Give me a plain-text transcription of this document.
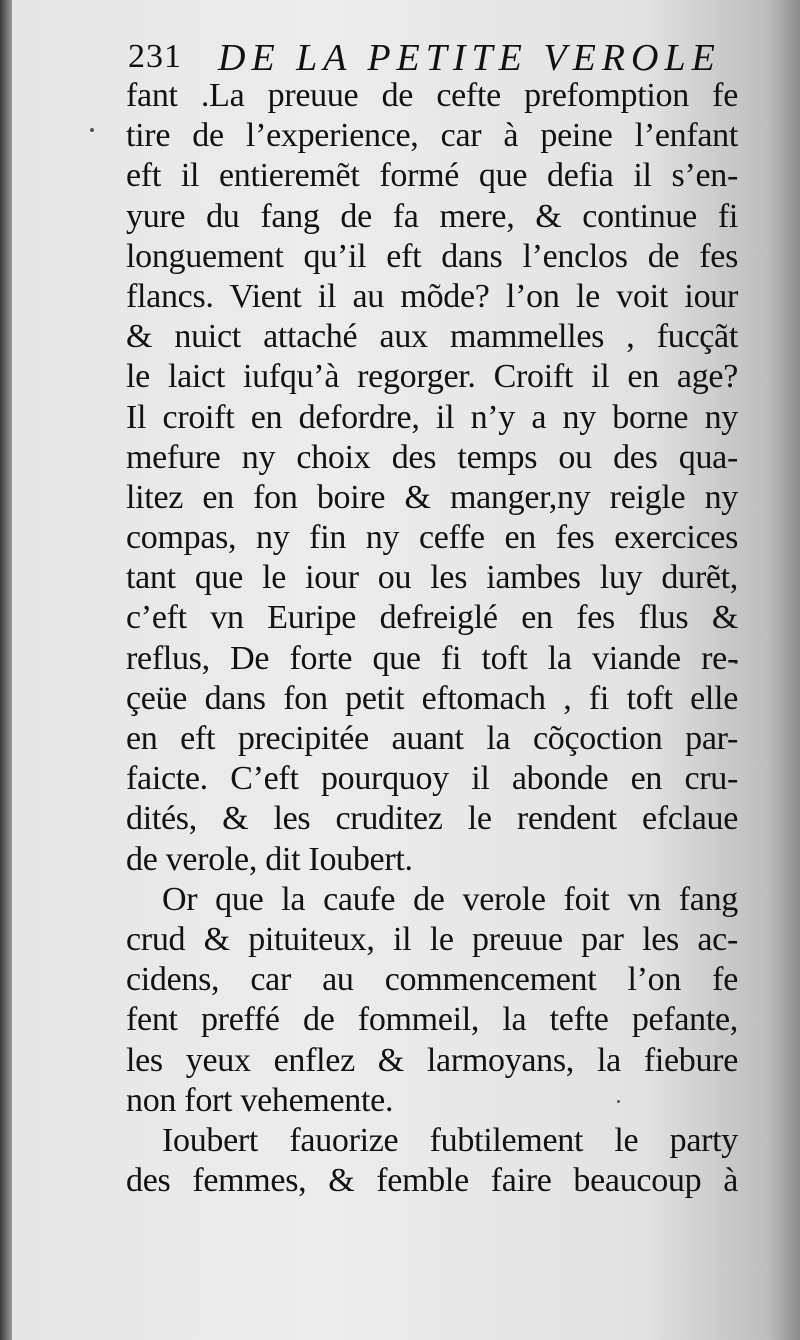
231 DE LA PETITE VEROLE
fant .La preuue de cefte prefomption fe
tire de l’experience, car à peine l’enfant
eft il entieremẽt formé que defia il s’en-
yure du fang de fa mere, & continue fi
longuement qu’il eft dans l’enclos de fes
flancs. Vient il au mõde? l’on le voit iour
& nuict attaché aux mammelles , fucçãt
le laict iufqu’à regorger. Croift il en age?
Il croift en defordre, il n’y a ny borne ny
mefure ny choix des temps ou des qua-
litez en fon boire & manger,ny reigle ny
compas, ny fin ny ceffe en fes exercices
tant que le iour ou les iambes luy durẽt,
c’eft vn Euripe defreiglé en fes flus &
reflus, De forte que fi toft la viande re-
çeüe dans fon petit eftomach , fi toft elle
en eft precipitée auant la cõçoction par-
faicte. C’eft pourquoy il abonde en cru-
dités, & les cruditez le rendent efclaue
de verole, dit Ioubert.
Or que la caufe de verole foit vn fang
crud & pituiteux, il le preuue par les ac-
cidens, car au commencement l’on fe
fent preffé de fommeil, la tefte pefante,
les yeux enflez & larmoyans, la fiebure
non fort vehemente.
Ioubert fauorize fubtilement le party
des femmes, & femble faire beaucoup à
